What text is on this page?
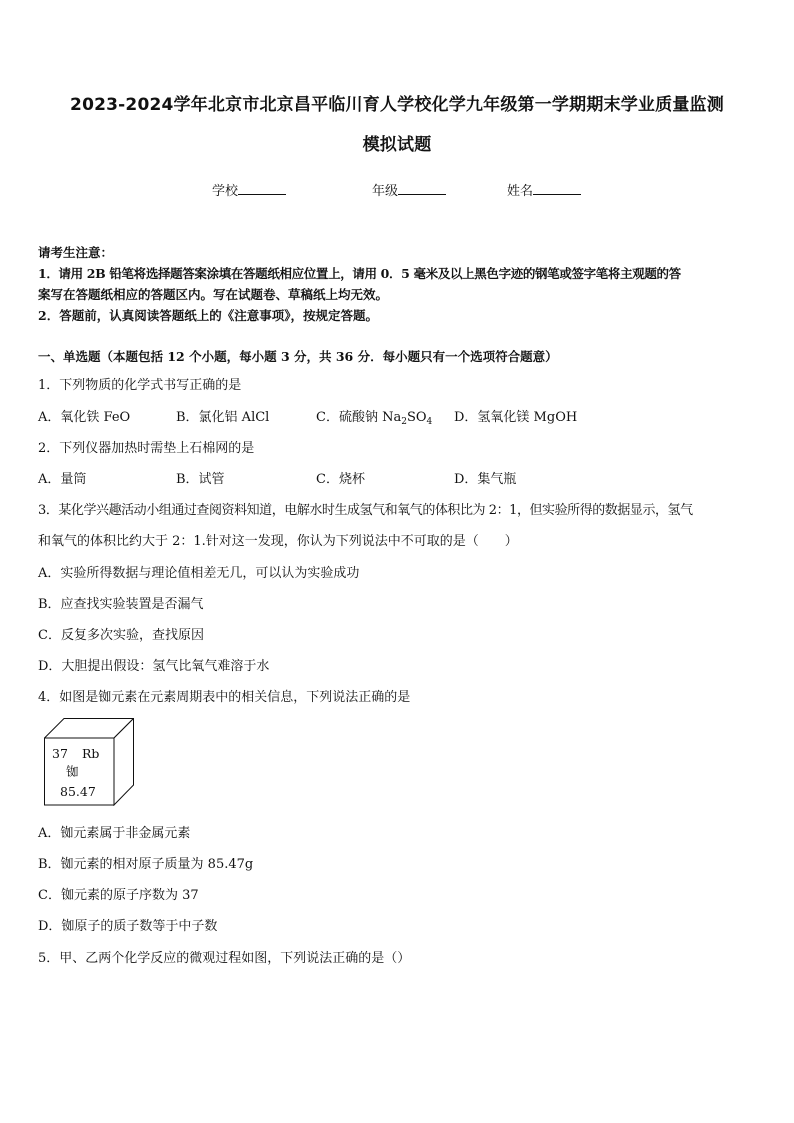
2023-2024学年北京市北京昌平临川育人学校化学九年级第一学期期末学业质量监测
模拟试题
学校	年级	姓名
请考生注意：
1．请用 2B 铅笔将选择题答案涂填在答题纸相应位置上，请用 0．5 毫米及以上黑色字迹的钢笔或签字笔将主观题的答
案写在答题纸相应的答题区内。写在试题卷、草稿纸上均无效。
2．答题前，认真阅读答题纸上的《注意事项》，按规定答题。
一、单选题（本题包括 12 个小题，每小题 3 分，共 36 分．每小题只有一个选项符合题意）
1．下列物质的化学式书写正确的是
A．氧化铁 FeO	B．氯化铝 AlCl	C．硫酸钠 $Na_2SO_4$ D．氢氧化镁 MgOH
2．下列仪器加热时需垫上石棉网的是
A．量筒	B．试管	C．烧杯	D．集气瓶
3．某化学兴趣活动小组通过查阅资料知道，电解水时生成氢气和氧气的体积比为 2：1，但实验所得的数据显示，氢气
和氧气的体积比约大于 2：1.针对这一发现，你认为下列说法中不可取的是（　　）
A．实验所得数据与理论值相差无几，可以认为实验成功
B．应查找实验装置是否漏气
C．反复多次实验，查找原因
D．大胆提出假设：氢气比氧气难溶于水
4．如图是铷元素在元素周期表中的相关信息，下列说法正确的是
37 Rb
铷
85.47
A．铷元素属于非金属元素
B．铷元素的相对原子质量为 85.47g
C．铷元素的原子序数为 37
D．铷原子的质子数等于中子数
5．甲、乙两个化学反应的微观过程如图，下列说法正确的是（）
